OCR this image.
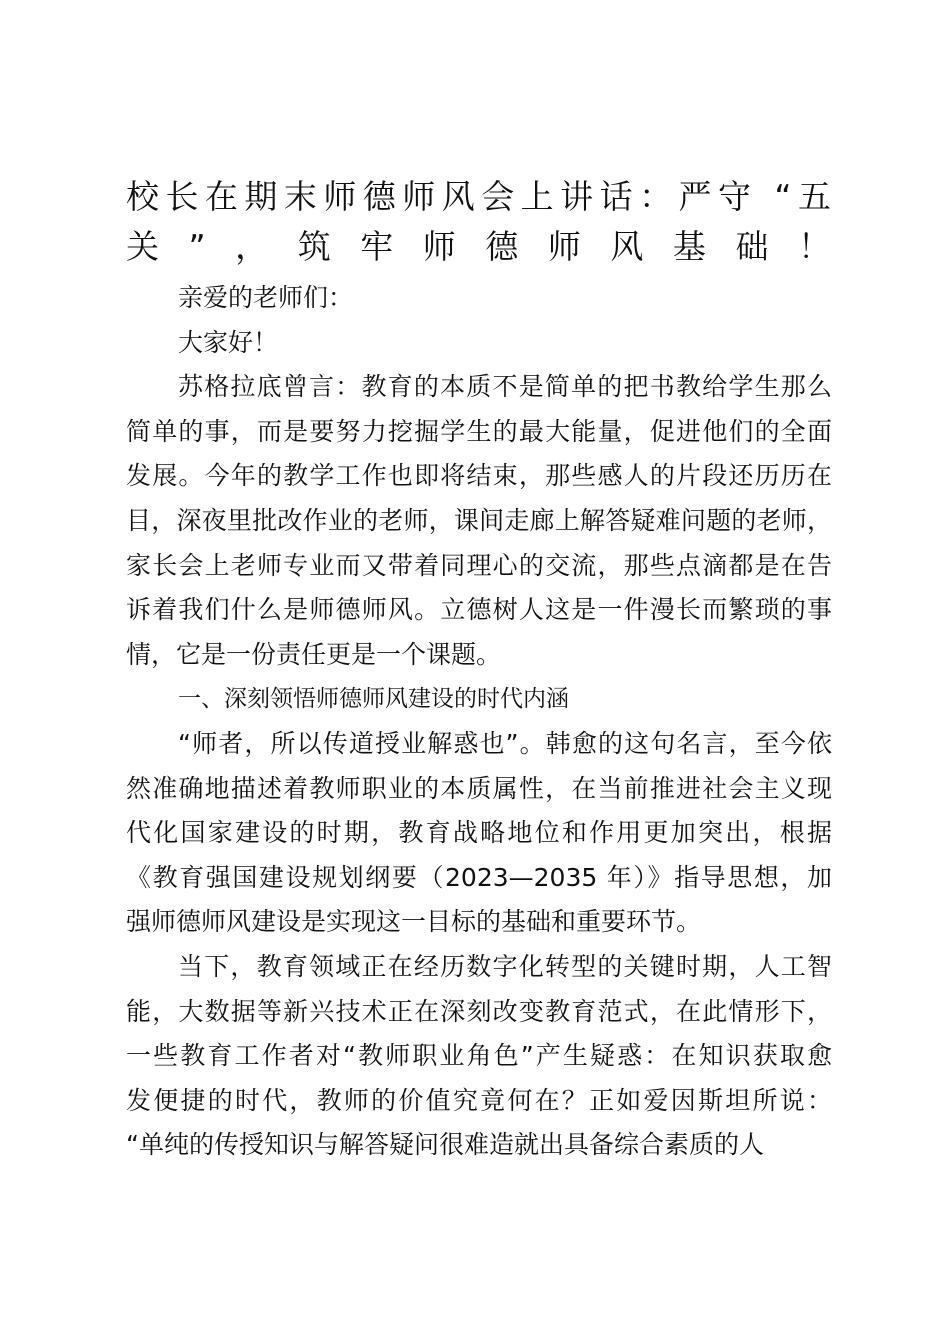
校长在期末师德师风会上讲话：严守 “五
关”，筑牢师德师风基础！
亲爱的老师们：
大家好！
苏格拉底曾言：教育的本质不是简单的把书教给学生那么
简单的事，而是要努力挖掘学生的最大能量，促进他们的全面
发展。今年的教学工作也即将结束，那些感人的片段还历历在
目，深夜里批改作业的老师，课间走廊上解答疑难问题的老师，
家长会上老师专业而又带着同理心的交流，那些点滴都是在告
诉着我们什么是师德师风。立德树人这是一件漫长而繁琐的事
情，它是一份责任更是一个课题。
一、深刻领悟师德师风建设的时代内涵
“师者，所以传道授业解惑也”。韩愈的这句名言，至今依
然准确地描述着教师职业的本质属性，在当前推进社会主义现
代化国家建设的时期，教育战略地位和作用更加突出，根据
《教育强国建设规划纲要（2023—2035 年）》指导思想，加
强师德师风建设是实现这一目标的基础和重要环节。
当下，教育领域正在经历数字化转型的关键时期，人工智
能，大数据等新兴技术正在深刻改变教育范式，在此情形下，
一些教育工作者对“教师职业角色”产生疑惑：在知识获取愈
发便捷的时代，教师的价值究竟何在？正如爱因斯坦所说：
“单纯的传授知识与解答疑问很难造就出具备综合素质的人
